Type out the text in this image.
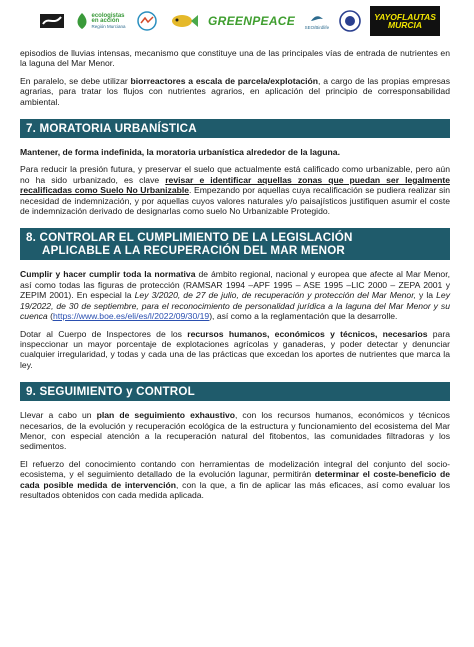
ecologistas
en acción
Región Murciana	GREENPEACE SEO/Birdlife
YAYOFLAUTAS
MURCIA

episodios de lluvias intensas, mecanismo que constituye una de las principales vías de entrada de nutrientes en la laguna del Mar Menor.

En paralelo, se debe utilizar biorreactores a escala de parcela/explotación, a cargo de las propias empresas agrarias, para tratar los flujos con nutrientes agrarios, en aplicación del principio de corresponsabilidad ambiental.

7. MORATORIA URBANÍSTICA

Mantener, de forma indefinida, la moratoria urbanística alrededor de la laguna.

Para reducir la presión futura, y preservar el suelo que actualmente está calificado como urbanizable, pero aún no ha sido urbanizado, es clave revisar e identificar aquellas zonas que puedan ser legalmente recalificadas como Suelo No Urbanizable. Empezando por aquellas cuya recalificación se pudiera realizar sin necesidad de indemnización, y por aquellas cuyos valores naturales y/o paisajísticos justifiquen asumir el coste de indemnización derivado de designarlas como suelo No Urbanizable Protegido.

8. CONTROLAR EL CUMPLIMIENTO DE LA LEGISLACIÓN
APLICABLE A LA RECUPERACIÓN DEL MAR MENOR

Cumplir y hacer cumplir toda la normativa de ámbito regional, nacional y europea que afecte al Mar Menor, así como todas las figuras de protección (RAMSAR 1994 –APF 1995 – ASE 1995 –LIC 2000 – ZEPA 2001 y ZEPIM 2001). En especial la Ley 3/2020, de 27 de julio, de recuperación y protección del Mar Menor, y la Ley 19/2022, de 30 de septiembre, para el reconocimiento de personalidad jurídica a la laguna del Mar Menor y su cuenca (https://www.boe.es/eli/es/l/2022/09/30/19), así como a la reglamentación que la desarrolle.

Dotar al Cuerpo de Inspectores de los recursos humanos, económicos y técnicos, necesarios para inspeccionar un mayor porcentaje de explotaciones agrícolas y ganaderas, y poder detectar y denunciar cualquier irregularidad, y todas y cada una de las prácticas que excedan los aportes de nutrientes que marca la ley.

9. SEGUIMIENTO y CONTROL

Llevar a cabo un plan de seguimiento exhaustivo, con los recursos humanos, económicos y técnicos necesarios, de la evolución y recuperación ecológica de la estructura y funcionamiento del ecosistema del Mar Menor, con especial atención a la recuperación natural del fitobentos, las comunidades filtradoras y los sedimentos.

El refuerzo del conocimiento contando con herramientas de modelización integral del conjunto del socio-ecosistema, y el seguimiento detallado de la evolución lagunar, permitirán determinar el coste-beneficio de cada posible medida de intervención, con la que, a fin de aplicar las más eficaces, así como evaluar los resultados obtenidos con cada medida aplicada.
